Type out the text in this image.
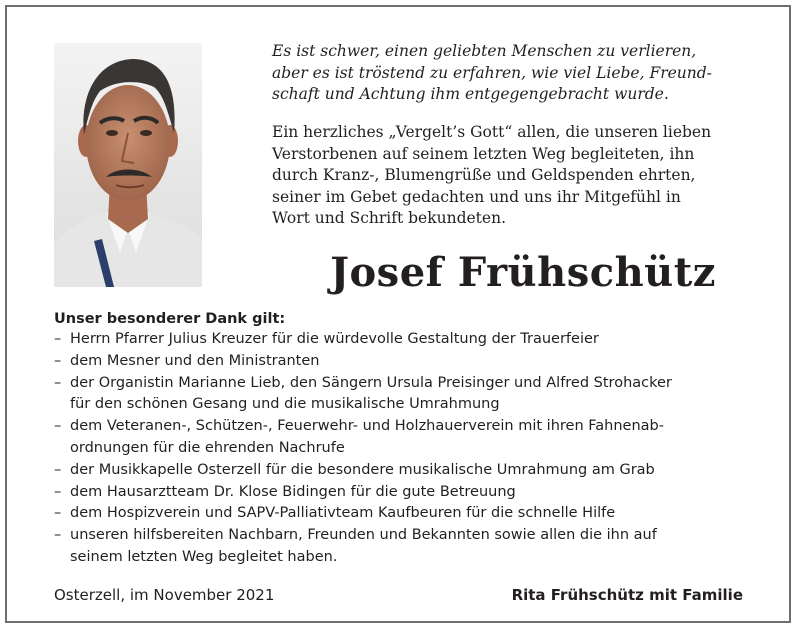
Es ist schwer, einen geliebten Menschen zu verlieren,

aber es ist tröstend zu erfahren, wie viel Liebe, Freund-

schaft und Achtung ihm entgegengebracht wurde.

Ein herzliches „Vergelt’s Gott“ allen, die unseren lieben

Verstorbenen auf seinem letzten Weg begleiteten, ihn

durch Kranz-, Blumengrüße und Geldspenden ehrten,

seiner im Gebet gedachten und uns ihr Mitgefühl in

Wort und Schrift bekundeten.

Josef Frühschütz
Unser besonderer Dank gilt:
– Herrn Pfarrer Julius Kreuzer für die würdevolle Gestaltung der Trauerfeier
– dem Mesner und den Ministranten
– der Organistin Marianne Lieb, den Sängern Ursula Preisinger und Alfred Strohacker
für den schönen Gesang und die musikalische Umrahmung
– dem Veteranen-, Schützen-, Feuerwehr- und Holzhauerverein mit ihren Fahnenab-
ordnungen für die ehrenden Nachrufe
– der Musikkapelle Osterzell für die besondere musikalische Umrahmung am Grab
– dem Hausarztteam Dr. Klose Bidingen für die gute Betreuung
– dem Hospizverein und SAPV-Palliativteam Kaufbeuren für die schnelle Hilfe
– unseren hilfsbereiten Nachbarn, Freunden und Bekannten sowie allen die ihn auf
seinem letzten Weg begleitet haben.
Osterzell, im November 2021	Rita Frühschütz mit Familie
